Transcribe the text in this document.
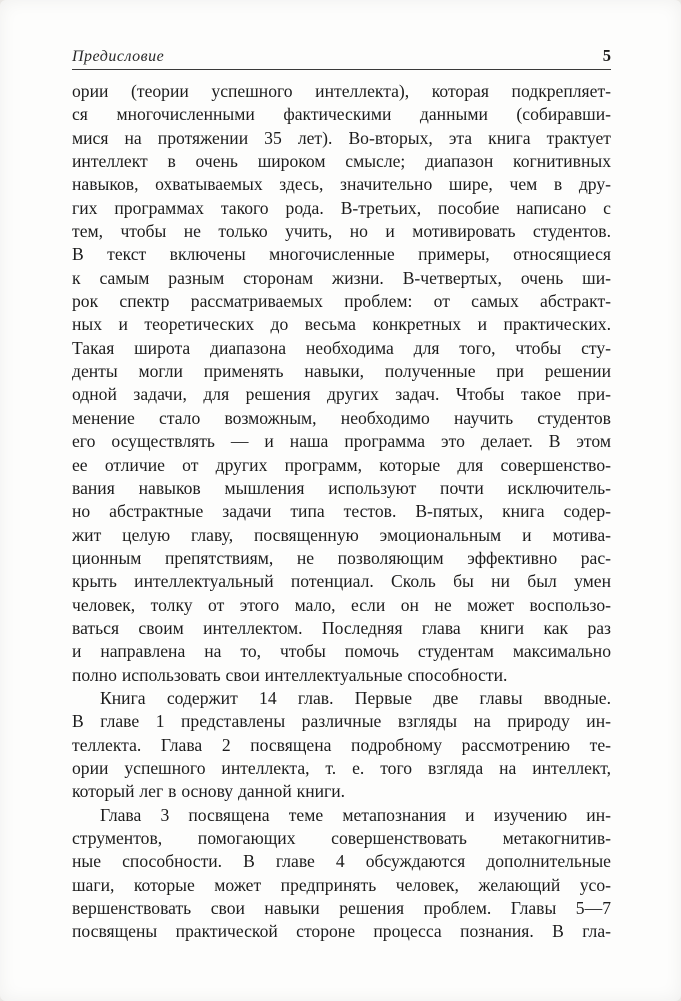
Предисловие	5
ории (теории успешного интеллекта), которая подкрепляет-
ся многочисленными фактическими данными (собиравши-
мися на протяжении 35 лет). Во-вторых, эта книга трактует
интеллект в очень широком смысле; диапазон когнитивных
навыков, охватываемых здесь, значительно шире, чем в дру-
гих программах такого рода. В-третьих, пособие написано с
тем, чтобы не только учить, но и мотивировать студентов.
В текст включены многочисленные примеры, относящиеся
к самым разным сторонам жизни. В-четвертых, очень ши-
рок спектр рассматриваемых проблем: от самых абстракт-
ных и теоретических до весьма конкретных и практических.
Такая широта диапазона необходима для того, чтобы сту-
денты могли применять навыки, полученные при решении
одной задачи, для решения других задач. Чтобы такое при-
менение стало возможным, необходимо научить студентов
его осуществлять — и наша программа это делает. В этом
ее отличие от других программ, которые для совершенство-
вания навыков мышления используют почти исключитель-
но абстрактные задачи типа тестов. В-пятых, книга содер-
жит целую главу, посвященную эмоциональным и мотива-
ционным препятствиям, не позволяющим эффективно рас-
крыть интеллектуальный потенциал. Сколь бы ни был умен
человек, толку от этого мало, если он не может воспользо-
ваться своим интеллектом. Последняя глава книги как раз
и направлена на то, чтобы помочь студентам максимально
полно использовать свои интеллектуальные способности.
Книга содержит 14 глав. Первые две главы вводные.
В главе 1 представлены различные взгляды на природу ин-
теллекта. Глава 2 посвящена подробному рассмотрению те-
ории успешного интеллекта, т. е. того взгляда на интеллект,
который лег в основу данной книги.
Глава 3 посвящена теме метапознания и изучению ин-
струментов, помогающих совершенствовать метакогнитив-
ные способности. В главе 4 обсуждаются дополнительные
шаги, которые может предпринять человек, желающий усо-
вершенствовать свои навыки решения проблем. Главы 5—7
посвящены практической стороне процесса познания. В гла-
